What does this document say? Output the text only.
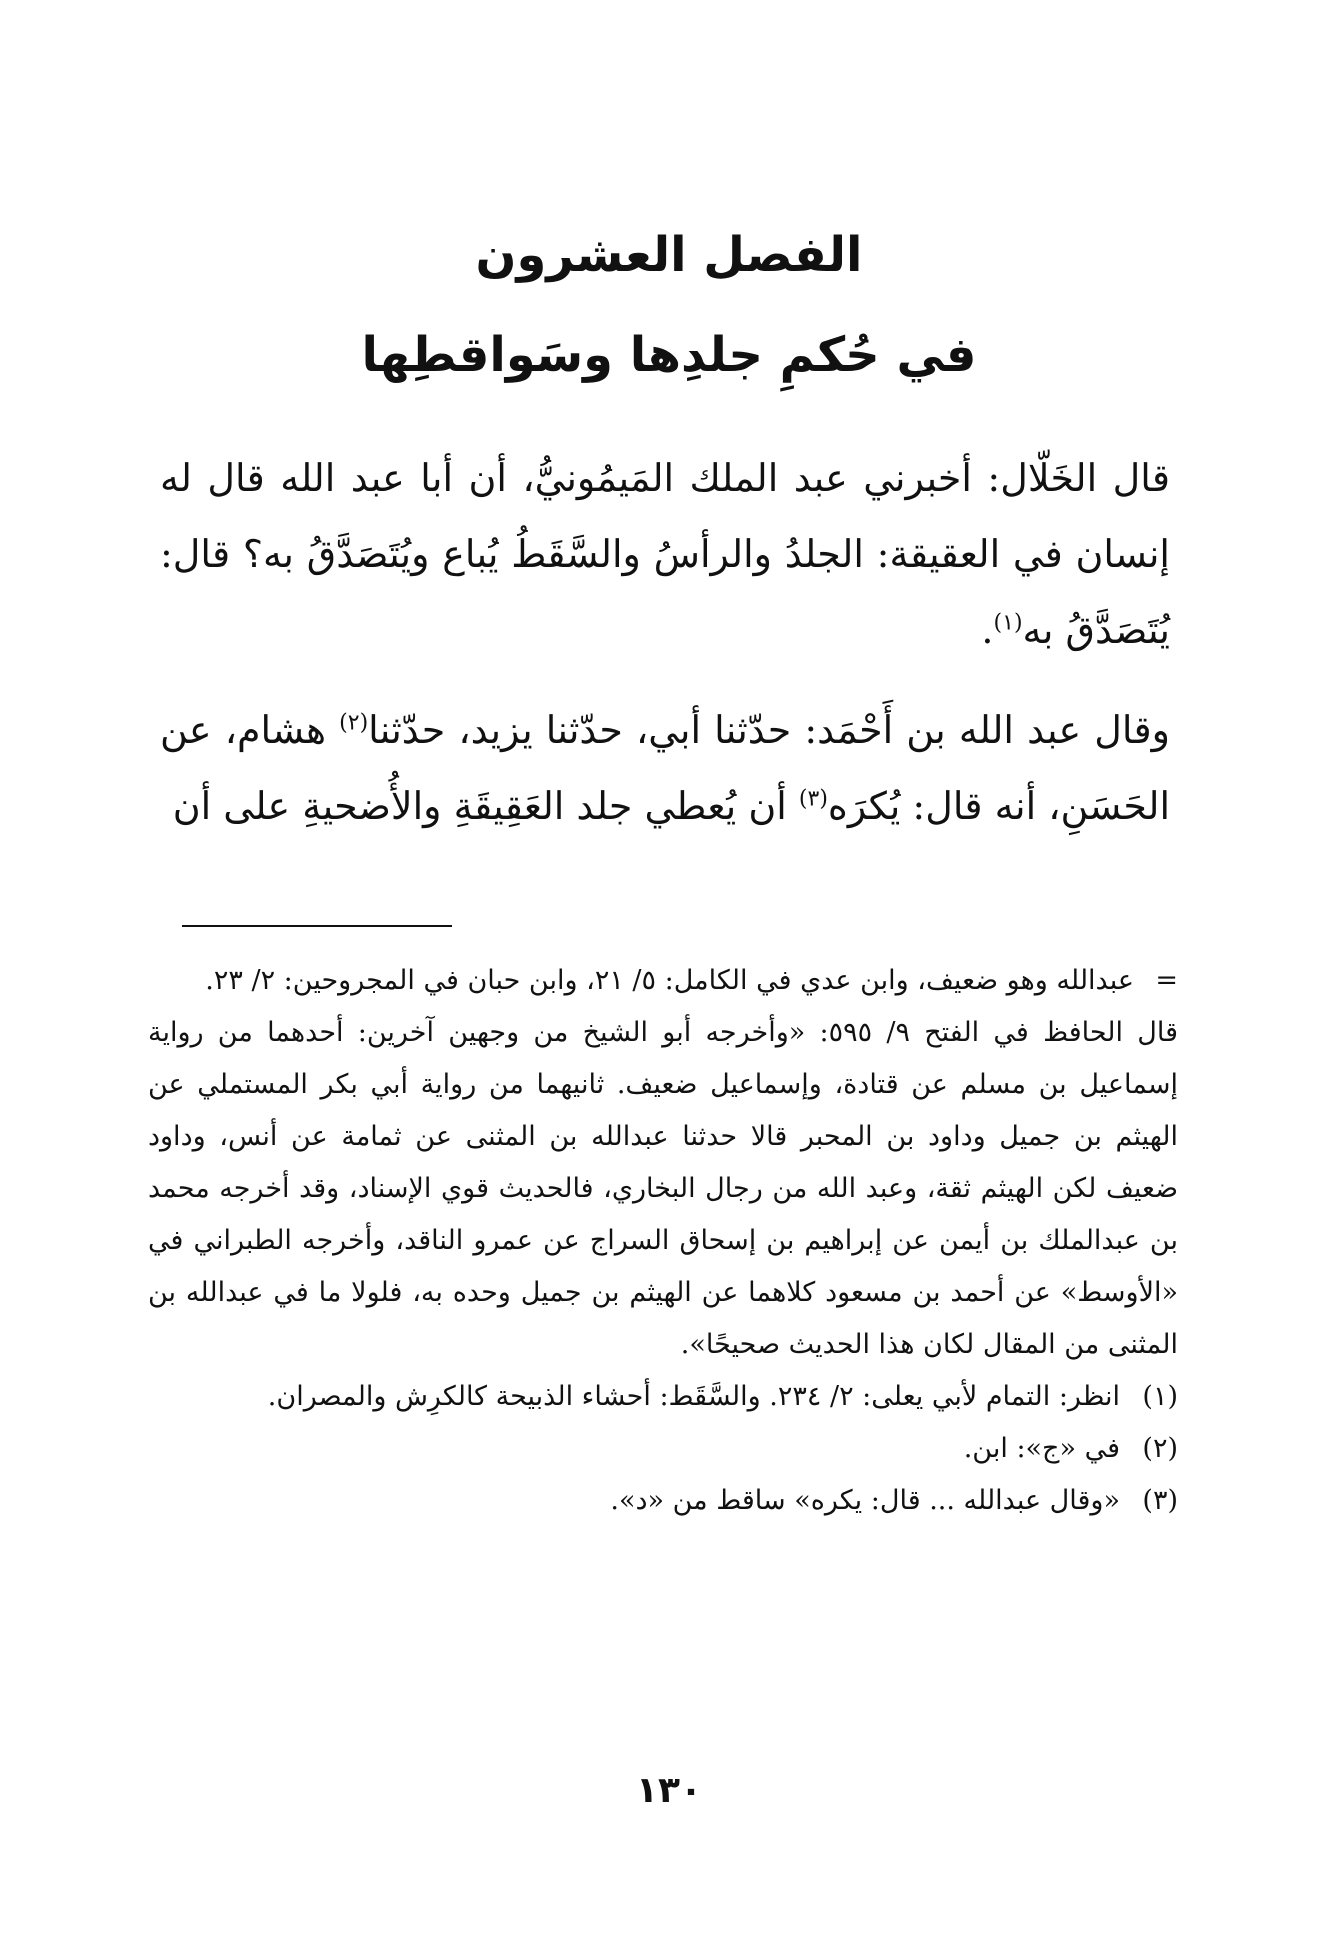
الفصل العشرون

في حُكمِ جلدِها وسَواقطِها

قال الخَلّال: أخبرني عبد الملك المَيمُونيُّ، أن أبا عبد الله قال له إنسان في العقيقة: الجلدُ والرأسُ والسَّقَطُ يُباع ويُتَصَدَّقُ به؟ قال: يُتَصَدَّقُ به$^{(١)}$.

وقال عبد الله بن أَحْمَد: حدّثنا أبي، حدّثنا يزيد، حدّثنا$^{(٢)}$ هشام، عن الحَسَنِ، أنه قال: يُكرَه$^{(٣)}$ أن يُعطي جلد العَقِيقَةِ والأُضحيةِ على أن

=
عبدالله وهو ضعيف، وابن عدي في الكامل: ٥/ ٢١، وابن حبان في المجروحين: ٢/ ٢٣.

قال الحافظ في الفتح ٩/ ٥٩٥: «وأخرجه أبو الشيخ من وجهين آخرين: أحدهما من رواية إسماعيل بن مسلم عن قتادة، وإسماعيل ضعيف. ثانيهما من رواية أبي بكر المستملي عن الهيثم بن جميل وداود بن المحبر قالا حدثنا عبدالله بن المثنى عن ثمامة عن أنس، وداود ضعيف لكن الهيثم ثقة، وعبد الله من رجال البخاري، فالحديث قوي الإسناد، وقد أخرجه محمد بن عبدالملك بن أيمن عن إبراهيم بن إسحاق السراج عن عمرو الناقد، وأخرجه الطبراني في «الأوسط» عن أحمد بن مسعود كلاهما عن الهيثم بن جميل وحده به، فلولا ما في عبدالله بن المثنى من المقال لكان هذا الحديث صحيحًا».

(١)
انظر: التمام لأبي يعلى: ٢/ ٢٣٤. والسَّقَط: أحشاء الذبيحة كالكرِش والمصران.
(٢)
في «ج»: ابن.
(٣)
«وقال عبدالله ... قال: يكره» ساقط من «د».
١٣٠
